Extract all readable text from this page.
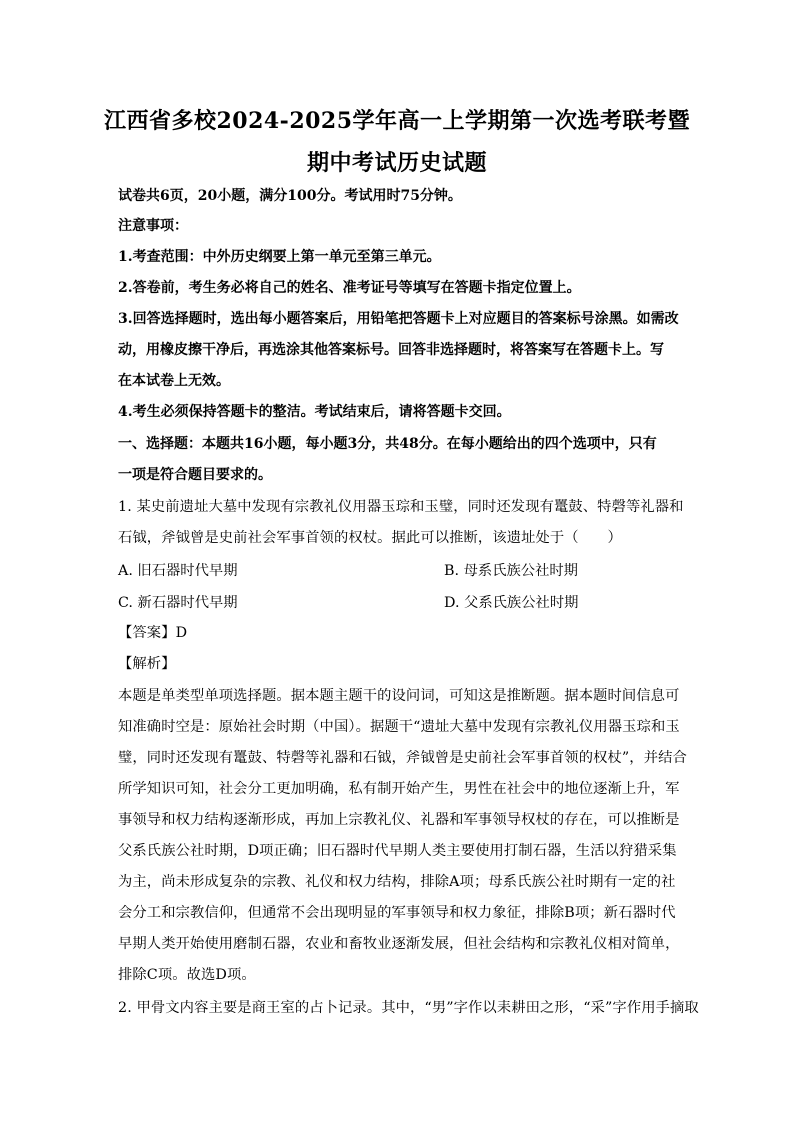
江西省多校2024-2025学年高一上学期第一次选考联考暨
期中考试历史试题
试卷共6页，20小题，满分100分。考试用时75分钟。
注意事项：
1.考查范围：中外历史纲要上第一单元至第三单元。
2.答卷前，考生务必将自己的姓名、准考证号等填写在答题卡指定位置上。
3.回答选择题时，选出每小题答案后，用铅笔把答题卡上对应题目的答案标号涂黑。如需改
动，用橡皮擦干净后，再选涂其他答案标号。回答非选择题时，将答案写在答题卡上。写
在本试卷上无效。
4.考生必须保持答题卡的整洁。考试结束后，请将答题卡交回。
一、选择题：本题共16小题，每小题3分，共48分。在每小题给出的四个选项中，只有
一项是符合题目要求的。
1. 某史前遗址大墓中发现有宗教礼仪用器玉琮和玉璧，同时还发现有鼍鼓、特磬等礼器和
石钺，斧钺曾是史前社会军事首领的权杖。据此可以推断，该遗址处于（　　）
A. 旧石器时代早期	B. 母系氏族公社时期
C. 新石器时代早期	D. 父系氏族公社时期
【答案】D
【解析】
本题是单类型单项选择题。据本题主题干的设问词，可知这是推断题。据本题时间信息可
知准确时空是：原始社会时期（中国）。据题干“遗址大墓中发现有宗教礼仪用器玉琮和玉
璧，同时还发现有鼍鼓、特磬等礼器和石钺，斧钺曾是史前社会军事首领的权杖”，并结合
所学知识可知，社会分工更加明确，私有制开始产生，男性在社会中的地位逐渐上升，军
事领导和权力结构逐渐形成，再加上宗教礼仪、礼器和军事领导权杖的存在，可以推断是
父系氏族公社时期，D项正确；旧石器时代早期人类主要使用打制石器，生活以狩猎采集
为主，尚未形成复杂的宗教、礼仪和权力结构，排除A项；母系氏族公社时期有一定的社
会分工和宗教信仰，但通常不会出现明显的军事领导和权力象征，排除B项；新石器时代
早期人类开始使用磨制石器，农业和畜牧业逐渐发展，但社会结构和宗教礼仪相对简单，
排除C项。故选D项。
2. 甲骨文内容主要是商王室的占卜记录。其中，“男”字作以耒耕田之形，“采”字作用手摘取
